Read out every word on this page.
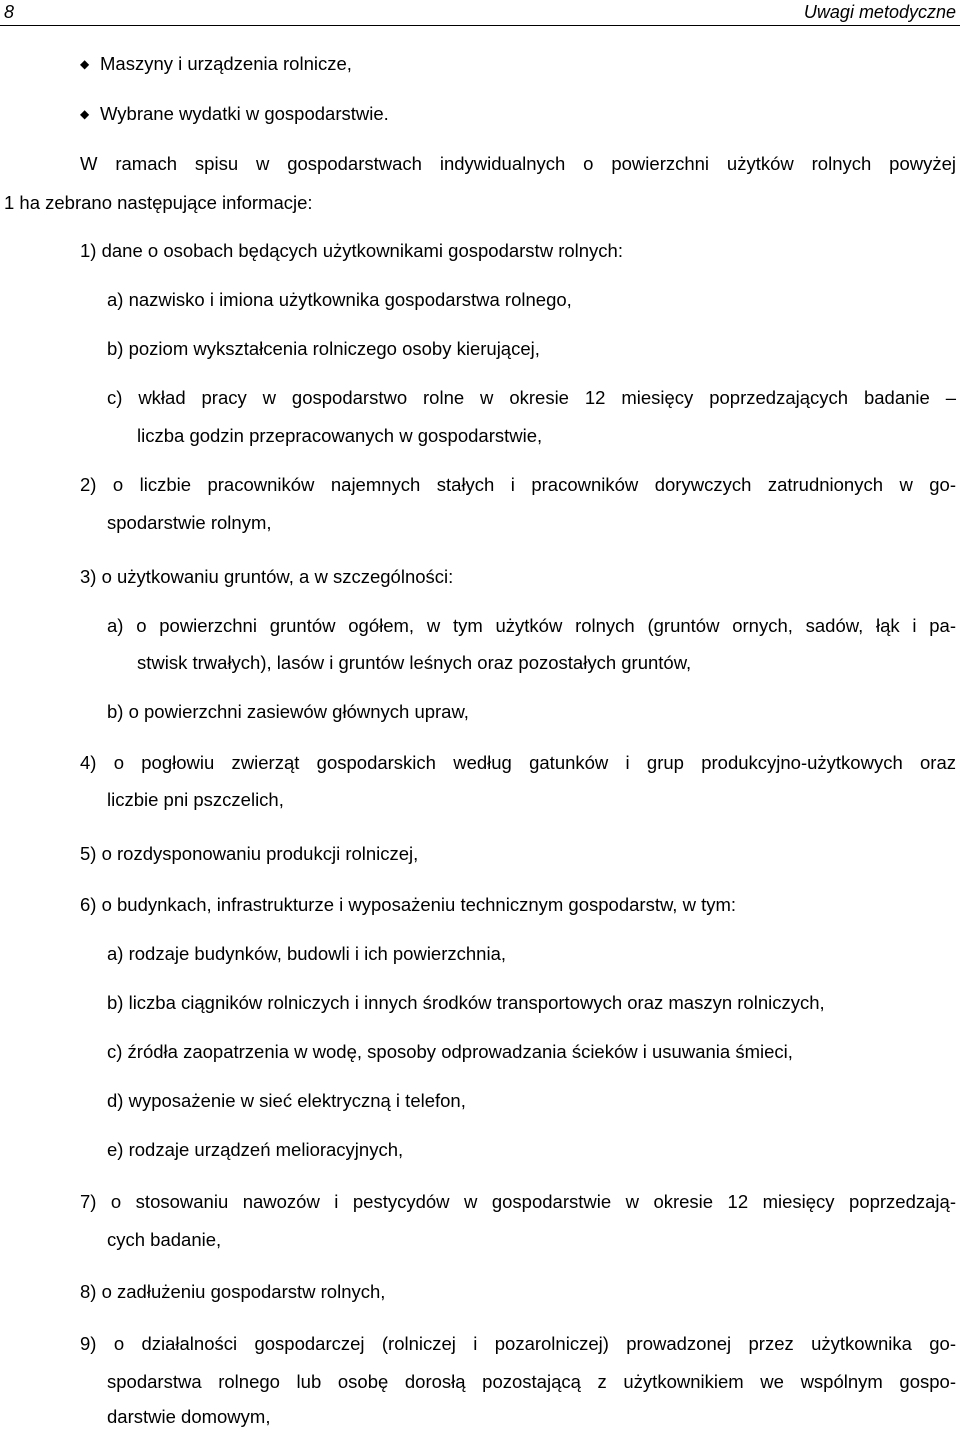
8	Uwagi metodyczne
◆ Maszyny i urządzenia rolnicze,
◆ Wybrane wydatki w gospodarstwie.
W ramach spisu w gospodarstwach indywidualnych o powierzchni użytków rolnych powyżej
1 ha zebrano następujące informacje:
1) dane o osobach będących użytkownikami gospodarstw rolnych:
a) nazwisko i imiona użytkownika gospodarstwa rolnego,
b) poziom wykształcenia rolniczego osoby kierującej,
c) wkład pracy w gospodarstwo rolne w okresie 12 miesięcy poprzedzających badanie –
liczba godzin przepracowanych w gospodarstwie,
2) o liczbie pracowników najemnych stałych i pracowników dorywczych zatrudnionych w go-
spodarstwie rolnym,
3) o użytkowaniu gruntów, a w szczególności:
a) o powierzchni gruntów ogółem, w tym użytków rolnych (gruntów ornych, sadów, łąk i pa-
stwisk trwałych), lasów i gruntów leśnych oraz pozostałych gruntów,
b) o powierzchni zasiewów głównych upraw,
4) o pogłowiu zwierząt gospodarskich według gatunków i grup produkcyjno-użytkowych oraz
liczbie pni pszczelich,
5) o rozdysponowaniu produkcji rolniczej,
6) o budynkach, infrastrukturze i wyposażeniu technicznym gospodarstw, w tym:
a) rodzaje budynków, budowli i ich powierzchnia,
b) liczba ciągników rolniczych i innych środków transportowych oraz maszyn rolniczych,
c) źródła zaopatrzenia w wodę, sposoby odprowadzania ścieków i usuwania śmieci,
d) wyposażenie w sieć elektryczną i telefon,
e) rodzaje urządzeń melioracyjnych,
7) o stosowaniu nawozów i pestycydów w gospodarstwie w okresie 12 miesięcy poprzedzają-
cych badanie,
8) o zadłużeniu gospodarstw rolnych,
9) o działalności gospodarczej (rolniczej i pozarolniczej) prowadzonej przez użytkownika go-
spodarstwa rolnego lub osobę dorosłą pozostającą z użytkownikiem we wspólnym gospo-
darstwie domowym,
